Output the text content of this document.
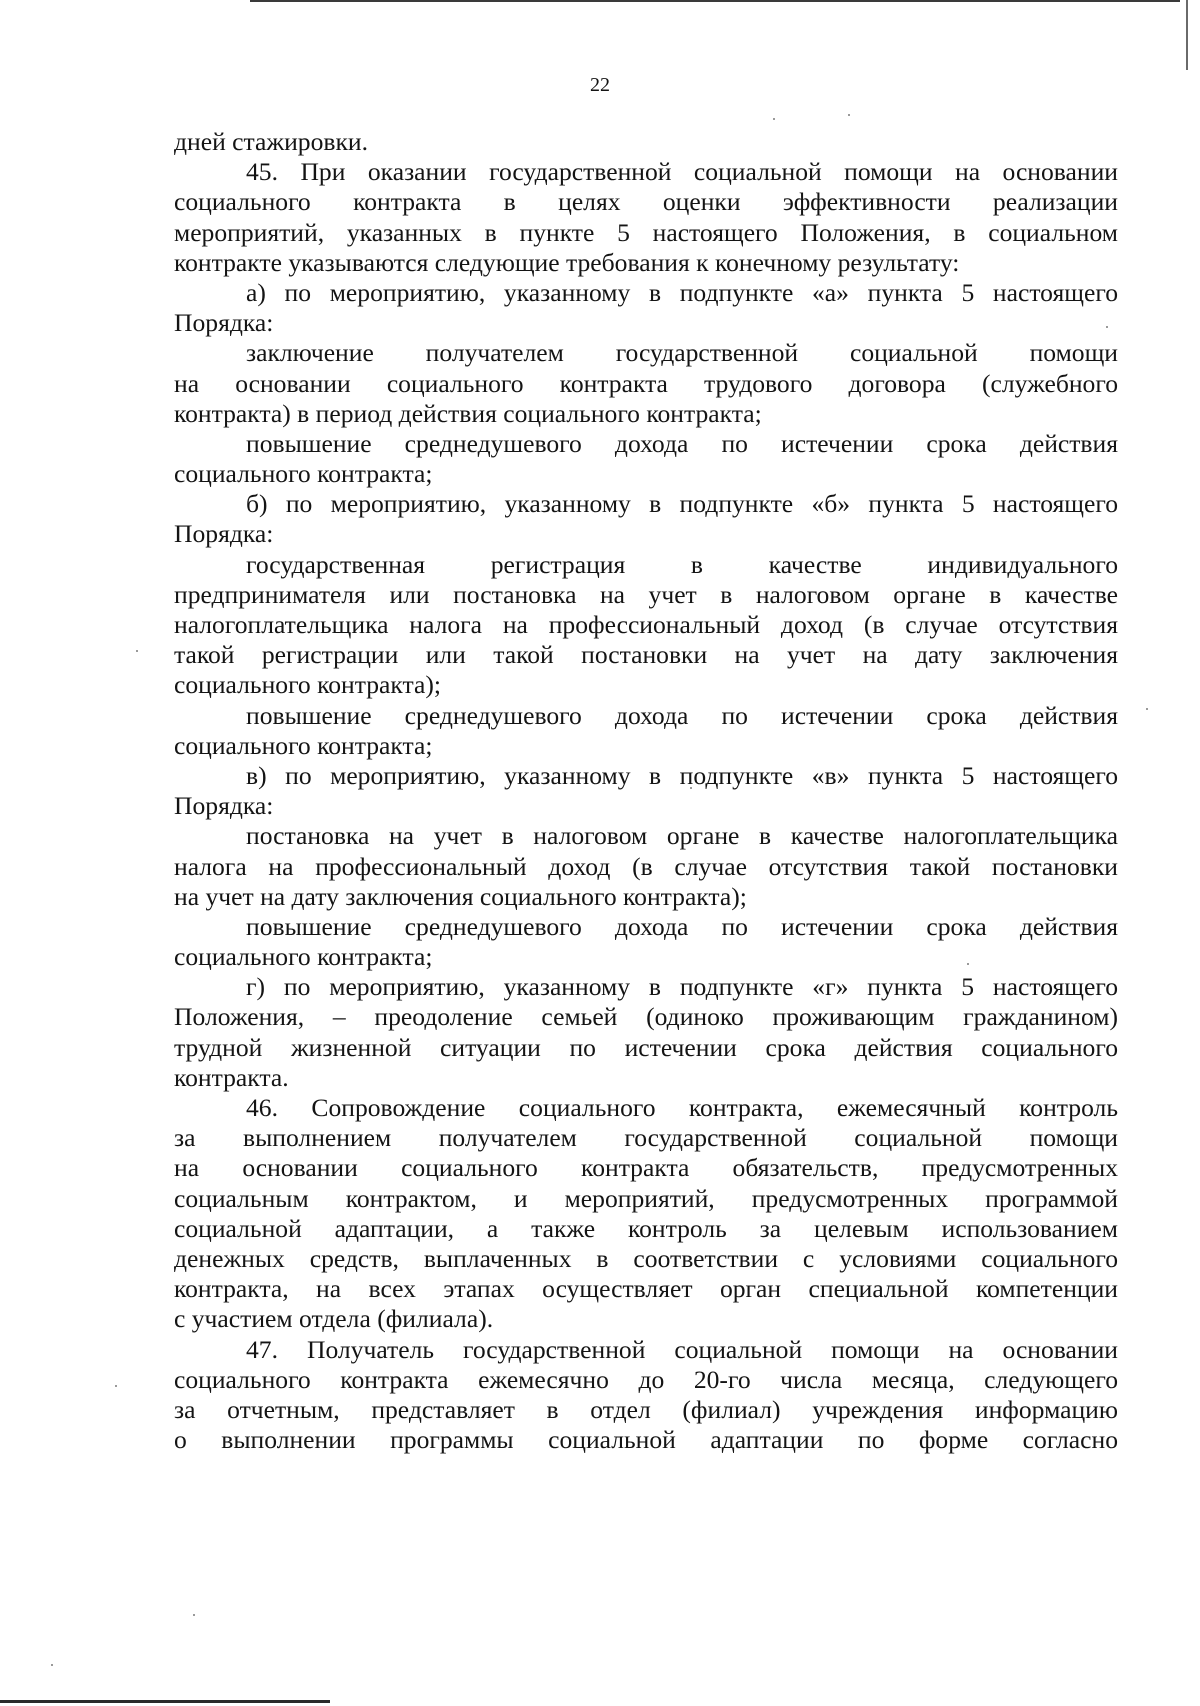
22
дней стажировки.
45. При оказании государственной социальной помощи на основании
социального контракта в целях оценки эффективности реализации
мероприятий, указанных в пункте 5 настоящего Положения, в социальном
контракте указываются следующие требования к конечному результату:
а) по мероприятию, указанному в подпункте «а» пункта 5 настоящего
Порядка:
заключение получателем государственной социальной помощи
на основании социального контракта трудового договора (служебного
контракта) в период действия социального контракта;
повышение среднедушевого дохода по истечении срока действия
социального контракта;
б) по мероприятию, указанному в подпункте «б» пункта 5 настоящего
Порядка:
государственная регистрация в качестве индивидуального
предпринимателя или постановка на учет в налоговом органе в качестве
налогоплательщика налога на профессиональный доход (в случае отсутствия
такой регистрации или такой постановки на учет на дату заключения
социального контракта);
повышение среднедушевого дохода по истечении срока действия
социального контракта;
в) по мероприятию, указанному в подпункте «в» пункта 5 настоящего
Порядка:
постановка на учет в налоговом органе в качестве налогоплательщика
налога на профессиональный доход (в случае отсутствия такой постановки
на учет на дату заключения социального контракта);
повышение среднедушевого дохода по истечении срока действия
социального контракта;
г) по мероприятию, указанному в подпункте «г» пункта 5 настоящего
Положения, – преодоление семьей (одиноко проживающим гражданином)
трудной жизненной ситуации по истечении срока действия социального
контракта.
46. Сопровождение социального контракта, ежемесячный контроль
за выполнением получателем государственной социальной помощи
на основании социального контракта обязательств, предусмотренных
социальным контрактом, и мероприятий, предусмотренных программой
социальной адаптации, а также контроль за целевым использованием
денежных средств, выплаченных в соответствии с условиями социального
контракта, на всех этапах осуществляет орган специальной компетенции
с участием отдела (филиала).
47. Получатель государственной социальной помощи на основании
социального контракта ежемесячно до 20-го числа месяца, следующего
за отчетным, представляет в отдел (филиал) учреждения информацию
о выполнении программы социальной адаптации по форме согласно
